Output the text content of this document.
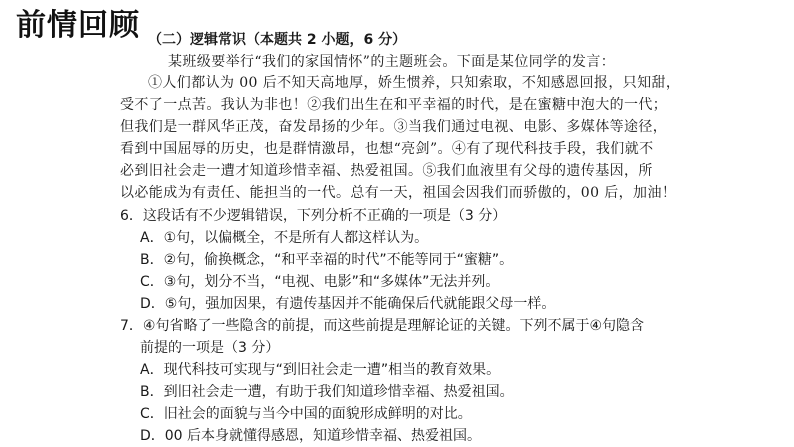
前情回顾 （二）逻辑常识（本题共 2 小题，6 分）
某班级要举行“我们的家国情怀”的主题班会。下面是某位同学的发言：
①人们都认为 00 后不知天高地厚，娇生惯养，只知索取，不知感恩回报，只知甜，
受不了一点苦。我认为非也！②我们出生在和平幸福的时代，是在蜜糖中泡大的一代；
但我们是一群风华正茂，奋发昂扬的少年。③当我们通过电视、电影、多媒体等途径，
看到中国屈辱的历史，也是群情激昂，也想“亮剑”。④有了现代科技手段，我们就不
必到旧社会走一遭才知道珍惜幸福、热爱祖国。⑤我们血液里有父母的遗传基因，所
以必能成为有责任、能担当的一代。总有一天，祖国会因我们而骄傲的，00 后，加油！
6．这段话有不少逻辑错误，下列分析不正确的一项是（3 分）
A．①句，以偏概全，不是所有人都这样认为。
B．②句，偷换概念，“和平幸福的时代”不能等同于“蜜糖”。
C．③句，划分不当，“电视、电影”和“多媒体”无法并列。
D．⑤句，强加因果，有遗传基因并不能确保后代就能跟父母一样。
7．④句省略了一些隐含的前提，而这些前提是理解论证的关键。下列不属于④句隐含
前提的一项是（3 分）
A．现代科技可实现与“到旧社会走一遭”相当的教育效果。
B．到旧社会走一遭，有助于我们知道珍惜幸福、热爱祖国。
C．旧社会的面貌与当今中国的面貌形成鲜明的对比。
D．00 后本身就懂得感恩，知道珍惜幸福、热爱祖国。
